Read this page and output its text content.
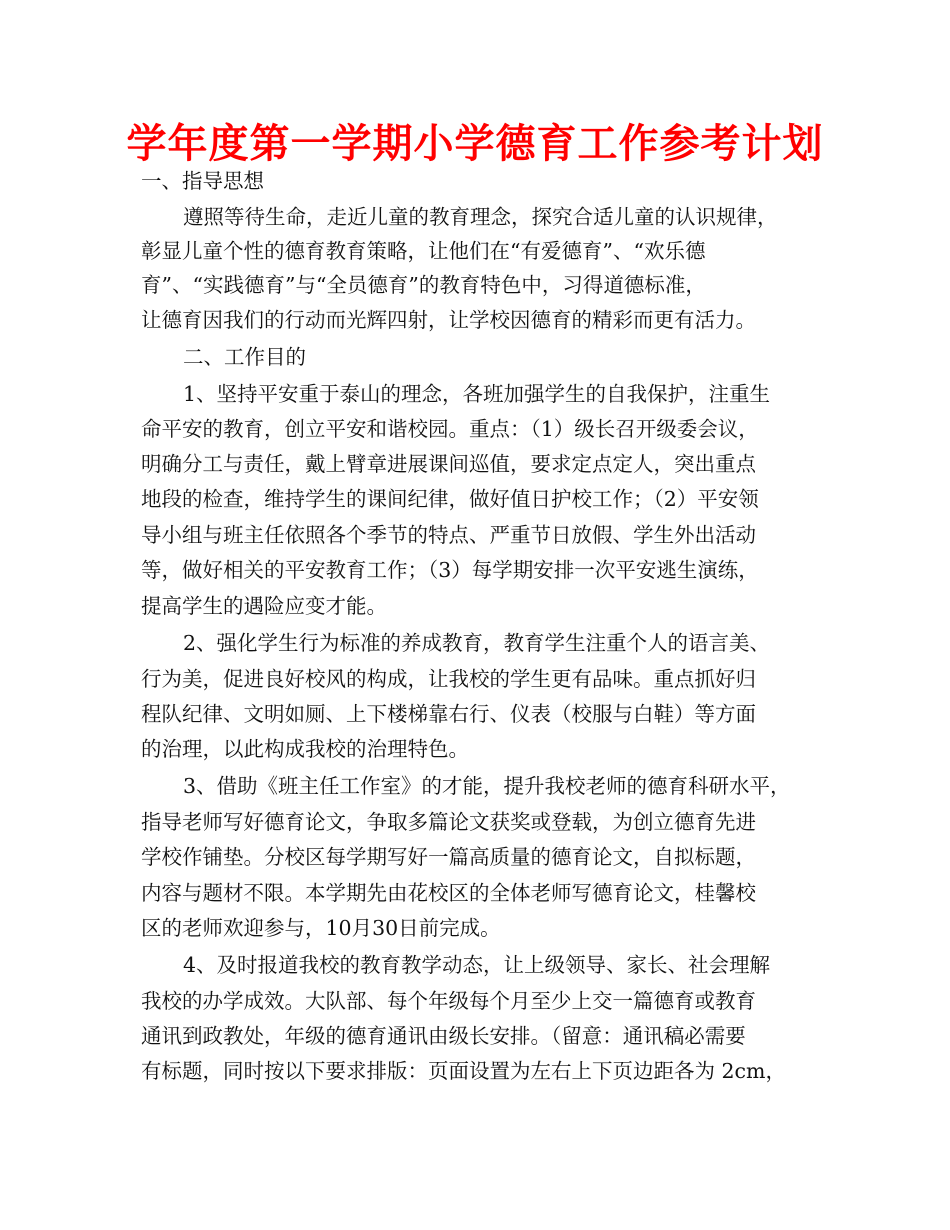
学年度第一学期小学德育工作参考计划
一、指导思想
遵照等待生命，走近儿童的教育理念，探究合适儿童的认识规律，
彰显儿童个性的德育教育策略，让他们在“有爱德育”、“欢乐德
育”、“实践德育”与“全员德育”的教育特色中，习得道德标准，
让德育因我们的行动而光辉四射，让学校因德育的精彩而更有活力。
二、工作目的
1、坚持平安重于泰山的理念，各班加强学生的自我保护，注重生
命平安的教育，创立平安和谐校园。重点：（1）级长召开级委会议，
明确分工与责任，戴上臂章进展课间巡值，要求定点定人，突出重点
地段的检查，维持学生的课间纪律，做好值日护校工作；（2）平安领
导小组与班主任依照各个季节的特点、严重节日放假、学生外出活动
等，做好相关的平安教育工作；（3）每学期安排一次平安逃生演练，
提高学生的遇险应变才能。
2、强化学生行为标准的养成教育，教育学生注重个人的语言美、
行为美，促进良好校风的构成，让我校的学生更有品味。重点抓好归
程队纪律、文明如厕、上下楼梯靠右行、仪表（校服与白鞋）等方面
的治理，以此构成我校的治理特色。
3、借助《班主任工作室》的才能，提升我校老师的德育科研水平，
指导老师写好德育论文，争取多篇论文获奖或登载，为创立德育先进
学校作铺垫。分校区每学期写好一篇高质量的德育论文，自拟标题，
内容与题材不限。本学期先由花校区的全体老师写德育论文，桂馨校
区的老师欢迎参与，10月30日前完成。
4、及时报道我校的教育教学动态，让上级领导、家长、社会理解
我校的办学成效。大队部、每个年级每个月至少上交一篇德育或教育
通讯到政教处，年级的德育通讯由级长安排。（留意：通讯稿必需要
有标题，同时按以下要求排版：页面设置为左右上下页边距各为 2cm，
